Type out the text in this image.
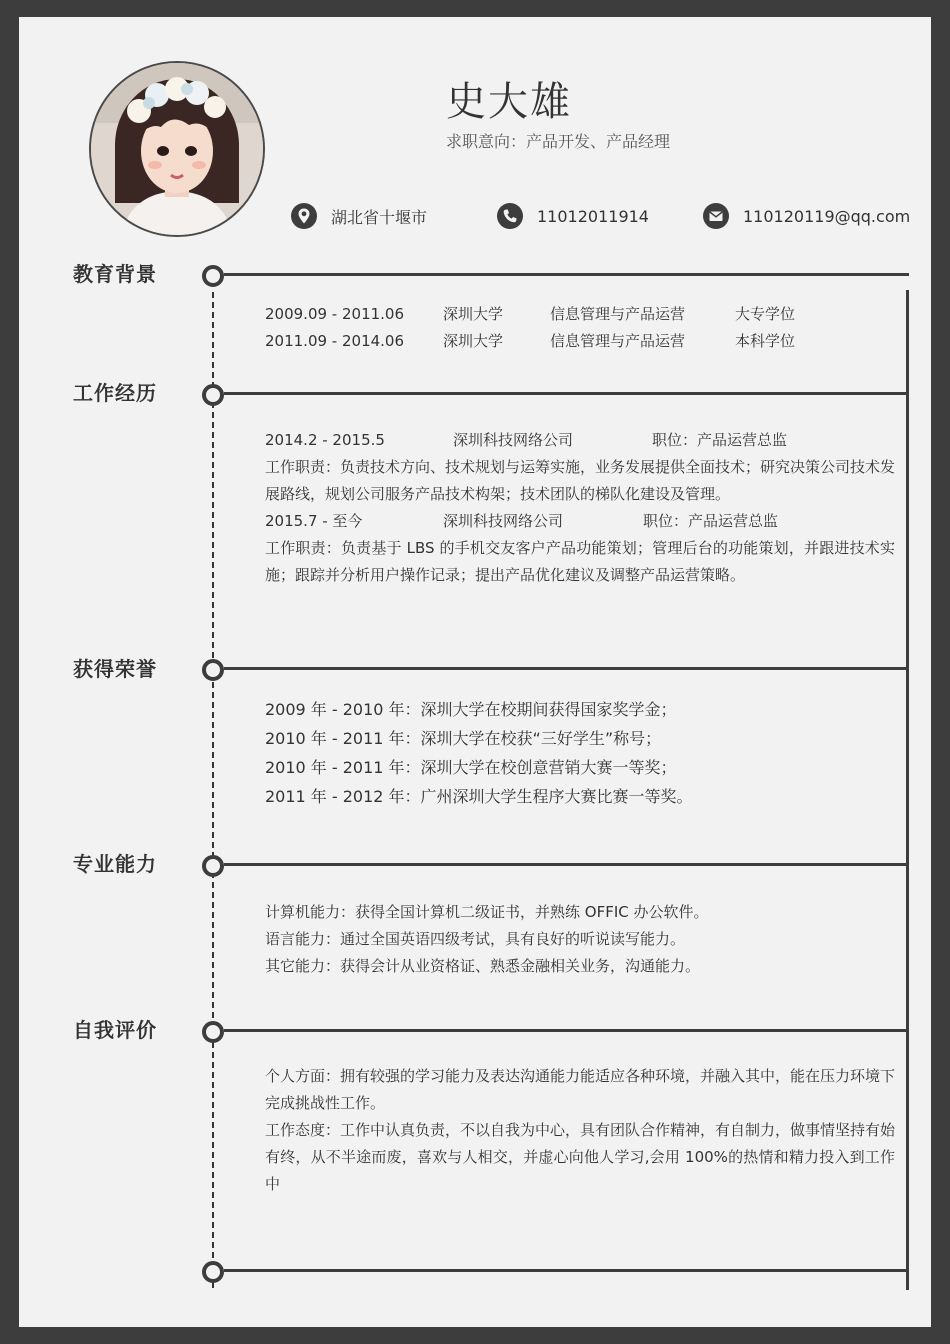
史大雄
求职意向：产品开发、产品经理
湖北省十堰市	11012011914	110120119@qq.com
教育背景
2009.09 - 2011.06	深圳大学	信息管理与产品运营	大专学位
2011.09 - 2014.06	深圳大学	信息管理与产品运营	本科学位
工作经历
2014.2 - 2015.5	深圳科技网络公司	职位：产品运营总监
工作职责：负责技术方向、技术规划与运筹实施，业务发展提供全面技术；研究决策公司技术发展路线，规划公司服务产品技术构架；技术团队的梯队化建设及管理。
2015.7 - 至今	深圳科技网络公司	职位：产品运营总监
工作职责：负责基于 LBS 的手机交友客户产品功能策划；管理后台的功能策划，并跟进技术实施；跟踪并分析用户操作记录；提出产品优化建议及调整产品运营策略。
获得荣誉
2009 年 - 2010 年：深圳大学在校期间获得国家奖学金；
2010 年 - 2011 年：深圳大学在校获“三好学生”称号；
2010 年 - 2011 年：深圳大学在校创意营销大赛一等奖；
2011 年 - 2012 年：广州深圳大学生程序大赛比赛一等奖。
专业能力
计算机能力：获得全国计算机二级证书，并熟练 OFFIC 办公软件。
语言能力：通过全国英语四级考试，具有良好的听说读写能力。
其它能力：获得会计从业资格证、熟悉金融相关业务，沟通能力。
自我评价
个人方面：拥有较强的学习能力及表达沟通能力能适应各种环境，并融入其中，能在压力环境下完成挑战性工作。
工作态度：工作中认真负责，不以自我为中心，具有团队合作精神，有自制力，做事情坚持有始有终，从不半途而废，喜欢与人相交，并虚心向他人学习,会用 100%的热情和精力投入到工作中
